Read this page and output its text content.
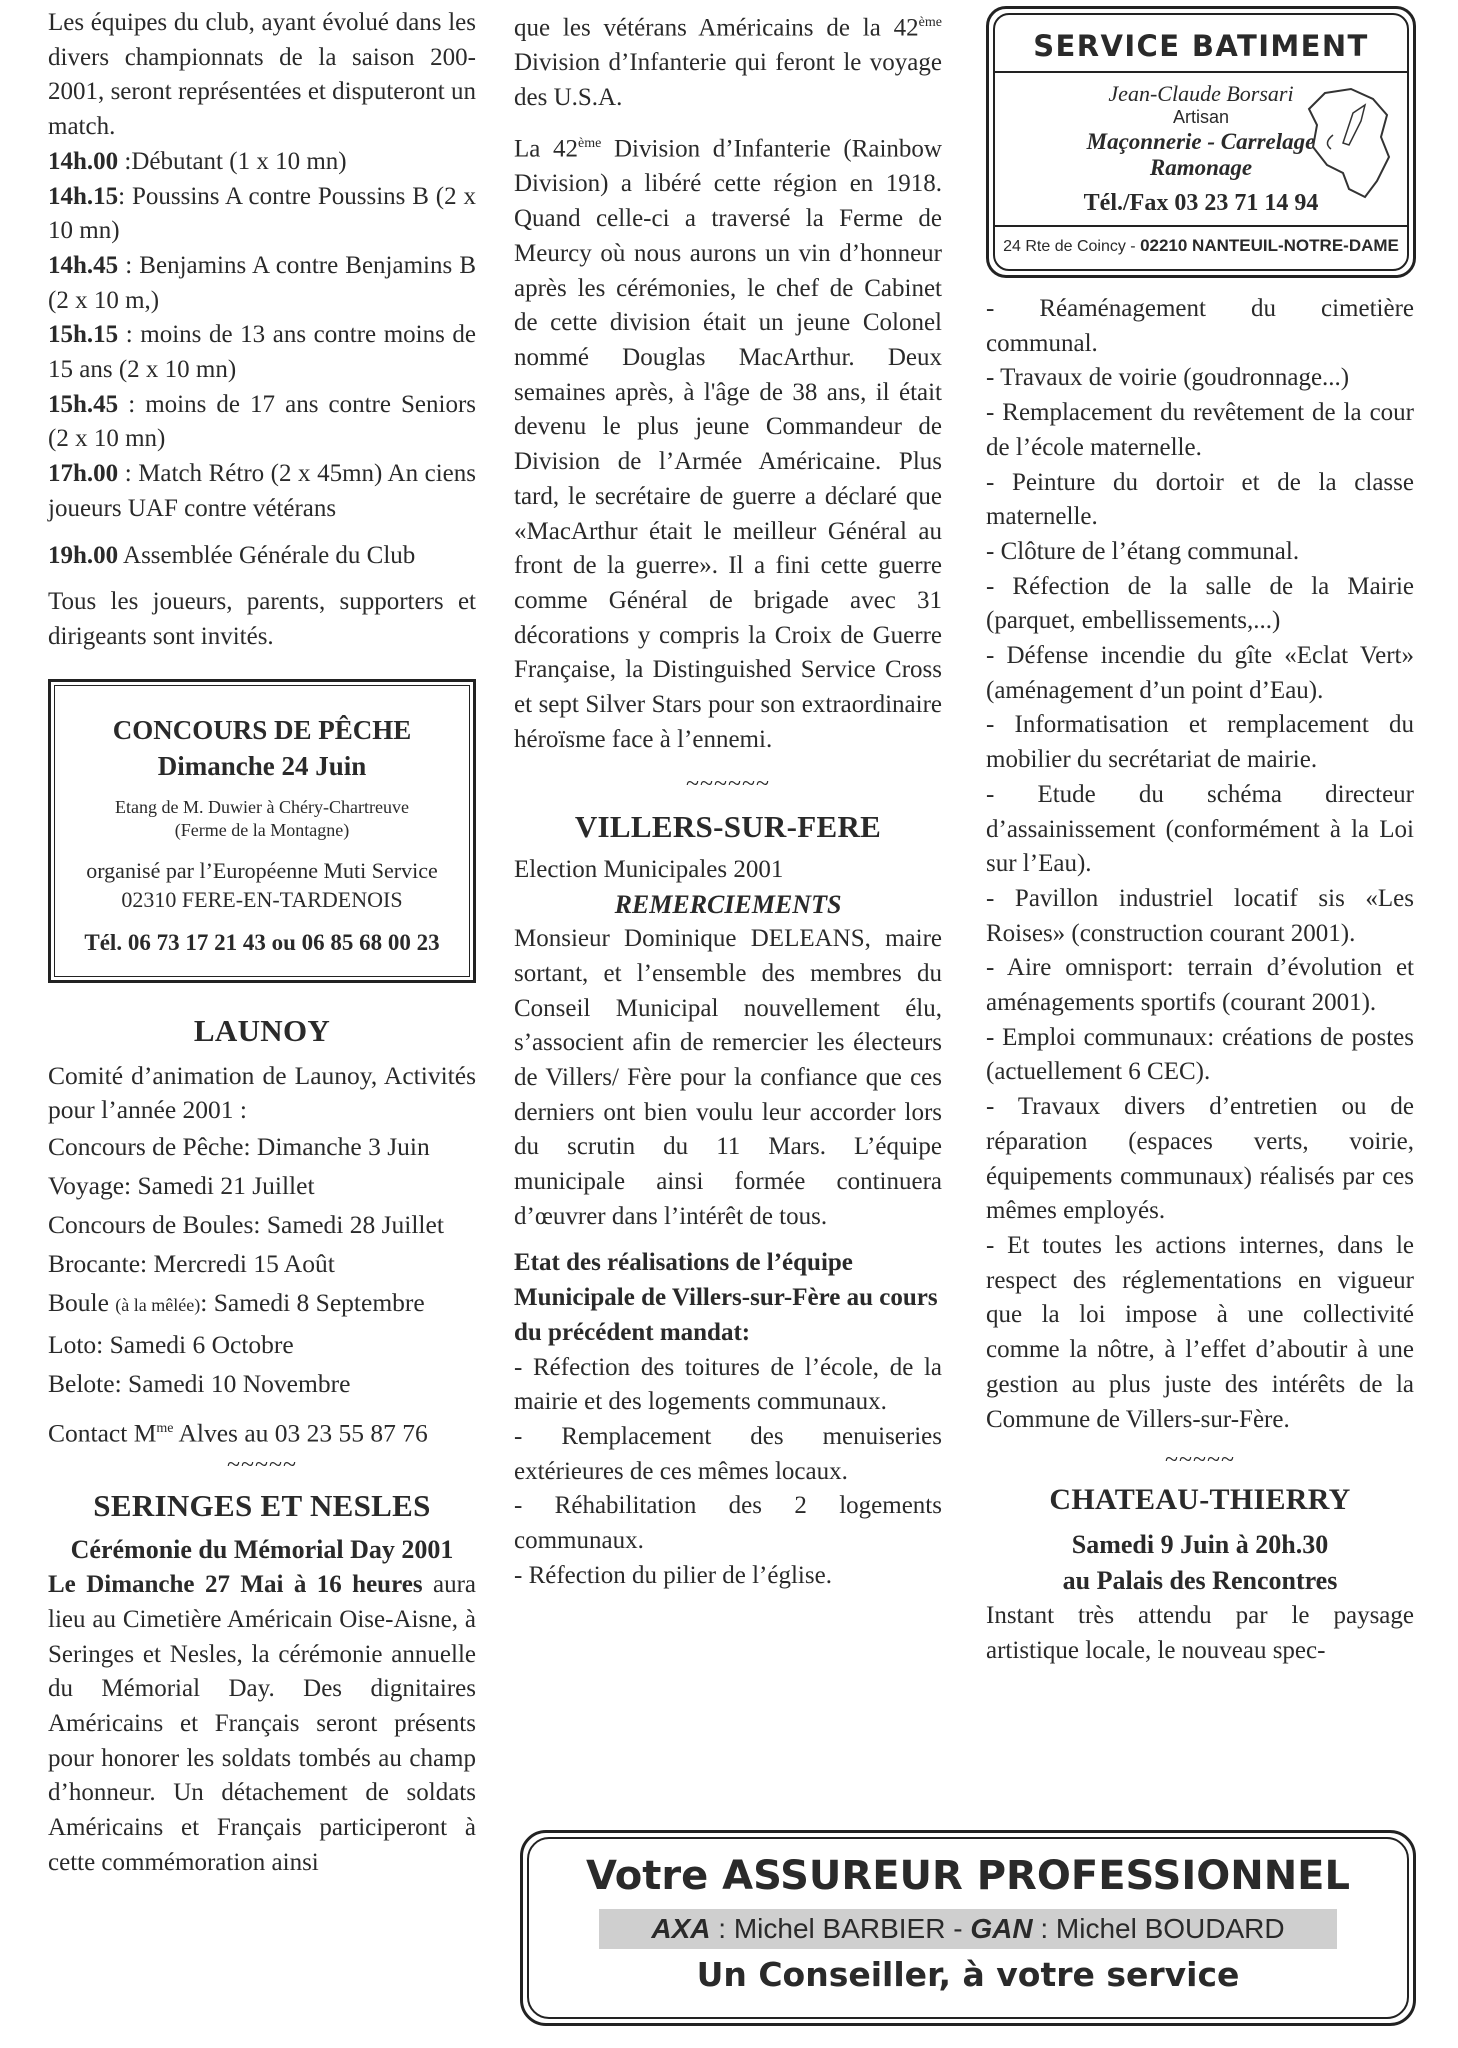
Les équipes du club, ayant évolué dans les divers championnats de la saison 200-2001, seront représentées et disputeront un match.

14h.00 :Débutant (1 x 10 mn)

14h.15: Poussins A contre Poussins B (2 x 10 mn)

14h.45 : Benjamins A contre Benjamins B (2 x 10 m,)

15h.15 : moins de 13 ans contre moins de 15 ans (2 x 10 mn)

15h.45 : moins de 17 ans contre Seniors (2 x 10 mn)

17h.00 : Match Rétro (2 x 45mn) An ciens joueurs UAF contre vétérans

19h.00 Assemblée Générale du Club

Tous les joueurs, parents, supporters et dirigeants sont invités.

CONCOURS DE PÊCHE
Dimanche 24 Juin
Etang de M. Duwier à Chéry-Chartreuve
(Ferme de la Montagne)
organisé par l’Européenne Muti Service
02310 FERE-EN-TARDENOIS
Tél. 06 73 17 21 43 ou 06 85 68 00 23
LAUNOY

Comité d’animation de Launoy, Activités pour l’année 2001 :

Concours de Pêche: Dimanche 3 Juin

Voyage: Samedi 21 Juillet

Concours de Boules: Samedi 28 Juillet

Brocante: Mercredi 15 Août

Boule (à la mêlée): Samedi 8 Septembre

Loto: Samedi 6 Octobre

Belote: Samedi 10 Novembre

Contact $M^{me}$ Alves au 03 23 55 87 76

~~~~~
SERINGES ET NESLES
Cérémonie du Mémorial Day 2001

Le Dimanche 27 Mai à 16 heures aura lieu au Cimetière Américain Oise-Aisne, à Seringes et Nesles, la cérémonie annuelle du Mémorial Day. Des dignitaires Américains et Français seront présents pour honorer les soldats tombés au champ d’honneur. Un détachement de soldats Américains et Français participeront à cette commémoration ainsi

que les vétérans Américains de la 42ème Division d’Infanterie qui feront le voyage des U.S.A.

La 42ème Division d’Infanterie (Rainbow Division) a libéré cette région en 1918. Quand celle-ci a traversé la Ferme de Meurcy où nous aurons un vin d’honneur après les cérémonies, le chef de Cabinet de cette division était un jeune Colonel nommé Douglas MacArthur. Deux semaines après, à l'âge de 38 ans, il était devenu le plus jeune Commandeur de Division de l’Armée Américaine. Plus tard, le secrétaire de guerre a déclaré que «MacArthur était le meilleur Général au front de la guerre». Il a fini cette guerre comme Général de brigade avec 31 décorations y compris la Croix de Guerre Française, la Distinguished Service Cross et sept Silver Stars pour son extraordinaire héroïsme face à l’ennemi.

~~~~~~
VILLERS-SUR-FERE

Election Municipales 2001

REMERCIEMENTS

Monsieur Dominique DELEANS, maire sortant, et l’ensemble des membres du Conseil Municipal nouvellement élu, s’associent afin de remercier les électeurs de Villers/ Fère pour la confiance que ces derniers ont bien voulu leur accorder lors du scrutin du 11 Mars. L’équipe municipale ainsi formée continuera d’œuvrer dans l’intérêt de tous.

Etat des réalisations de l’équipe Municipale de Villers-sur-Fère au cours du précédent mandat:

- Réfection des toitures de l’école, de la mairie et des logements communaux.

- Remplacement des menuiseries extérieures de ces mêmes locaux.

- Réhabilitation des 2 logements communaux.

- Réfection du pilier de l’église.

SERVICE BATIMENT
Jean-Claude Borsari
Artisan
Maçonnerie - Carrelage
Ramonage
Tél./Fax 03 23 71 14 94
24 Rte de Coincy - 02210 NANTEUIL-NOTRE-DAME

- Réaménagement du cimetière communal.

- Travaux de voirie (goudronnage...)

- Remplacement du revêtement de la cour de l’école maternelle.

- Peinture du dortoir et de la classe maternelle.

- Clôture de l’étang communal.

- Réfection de la salle de la Mairie (parquet, embellissements,...)

- Défense incendie du gîte «Eclat Vert» (aménagement d’un point d’Eau).

- Informatisation et remplacement du mobilier du secrétariat de mairie.

- Etude du schéma directeur d’assainissement (conformément à la Loi sur l’Eau).

- Pavillon industriel locatif sis «Les Roises» (construction courant 2001).

- Aire omnisport: terrain d’évolution et aménagements sportifs (courant 2001).

- Emploi communaux: créations de postes (actuellement 6 CEC).

- Travaux divers d’entretien ou de réparation (espaces verts, voirie, équipements communaux) réalisés par ces mêmes employés.

- Et toutes les actions internes, dans le respect des réglementations en vigueur que la loi impose à une collectivité comme la nôtre, à l’effet d’aboutir à une gestion au plus juste des intérêts de la Commune de Villers-sur-Fère.

~~~~~
CHATEAU-THIERRY
Samedi 9 Juin à 20h.30
au Palais des Rencontres

Instant très attendu par le paysage artistique locale, le nouveau spec-

Votre ASSUREUR PROFESSIONNEL
AXA : Michel BARBIER - GAN : Michel BOUDARD
Un Conseiller, à votre service
